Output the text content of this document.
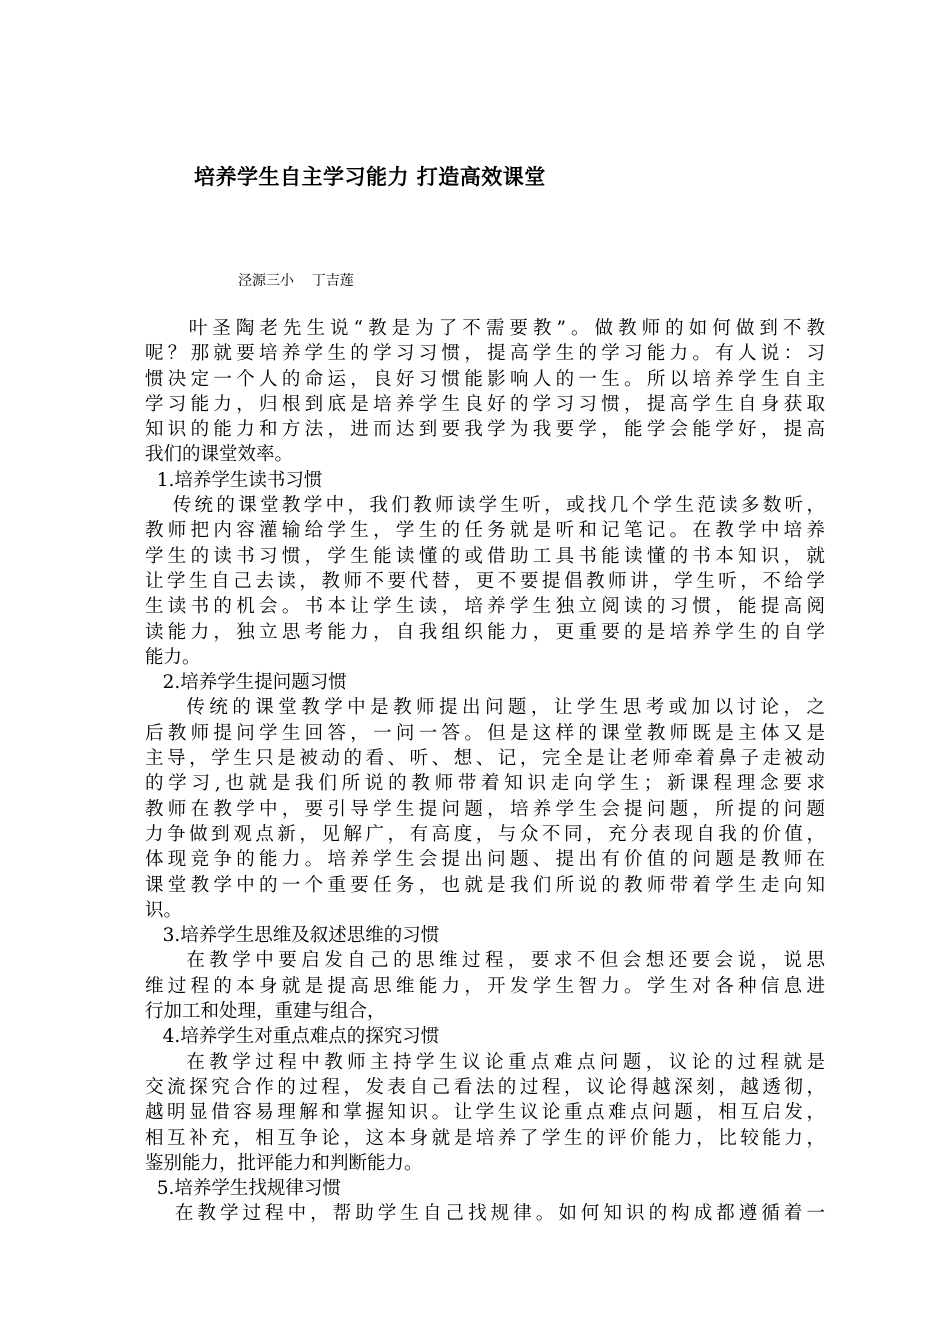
培养学生自主学习能力 打造高效课堂
泾源三小    丁吉莲
叶圣陶老先生说“教是为了不需要教”。做教师的如何做到不教
呢？那就要培养学生的学习习惯，提高学生的学习能力。有人说：习
惯决定一个人的命运，良好习惯能影响人的一生。所以培养学生自主
学习能力，归根到底是培养学生良好的学习习惯，提高学生自身获取
知识的能力和方法，进而达到要我学为我要学，能学会能学好，提高
我们的课堂效率。
1.培养学生读书习惯
传统的课堂教学中，我们教师读学生听，或找几个学生范读多数听，
教师把内容灌输给学生，学生的任务就是听和记笔记。在教学中培养
学生的读书习惯，学生能读懂的或借助工具书能读懂的书本知识，就
让学生自己去读，教师不要代替，更不要提倡教师讲，学生听，不给学
生读书的机会。书本让学生读，培养学生独立阅读的习惯，能提高阅
读能力，独立思考能力，自我组织能力，更重要的是培养学生的自学
能力。
2.培养学生提问题习惯
传统的课堂教学中是教师提出问题，让学生思考或加以讨论，之
后教师提问学生回答，一问一答。但是这样的课堂教师既是主体又是
主导，学生只是被动的看、听、想、记，完全是让老师牵着鼻子走被动
的学习,也就是我们所说的教师带着知识走向学生；新课程理念要求
教师在教学中，要引导学生提问题，培养学生会提问题，所提的问题
力争做到观点新，见解广，有高度，与众不同，充分表现自我的价值，
体现竞争的能力。培养学生会提出问题、提出有价值的问题是教师在
课堂教学中的一个重要任务，也就是我们所说的教师带着学生走向知
识。
3.培养学生思维及叙述思维的习惯
在教学中要启发自己的思维过程，要求不但会想还要会说，说思
维过程的本身就是提高思维能力，开发学生智力。学生对各种信息进
行加工和处理，重建与组合，
4.培养学生对重点难点的探究习惯
在教学过程中教师主持学生议论重点难点问题，议论的过程就是
交流探究合作的过程，发表自己看法的过程，议论得越深刻，越透彻，
越明显借容易理解和掌握知识。让学生议论重点难点问题，相互启发，
相互补充，相互争论，这本身就是培养了学生的评价能力，比较能力，
鉴别能力，批评能力和判断能力。
5.培养学生找规律习惯
在教学过程中，帮助学生自己找规律。如何知识的构成都遵循着一
